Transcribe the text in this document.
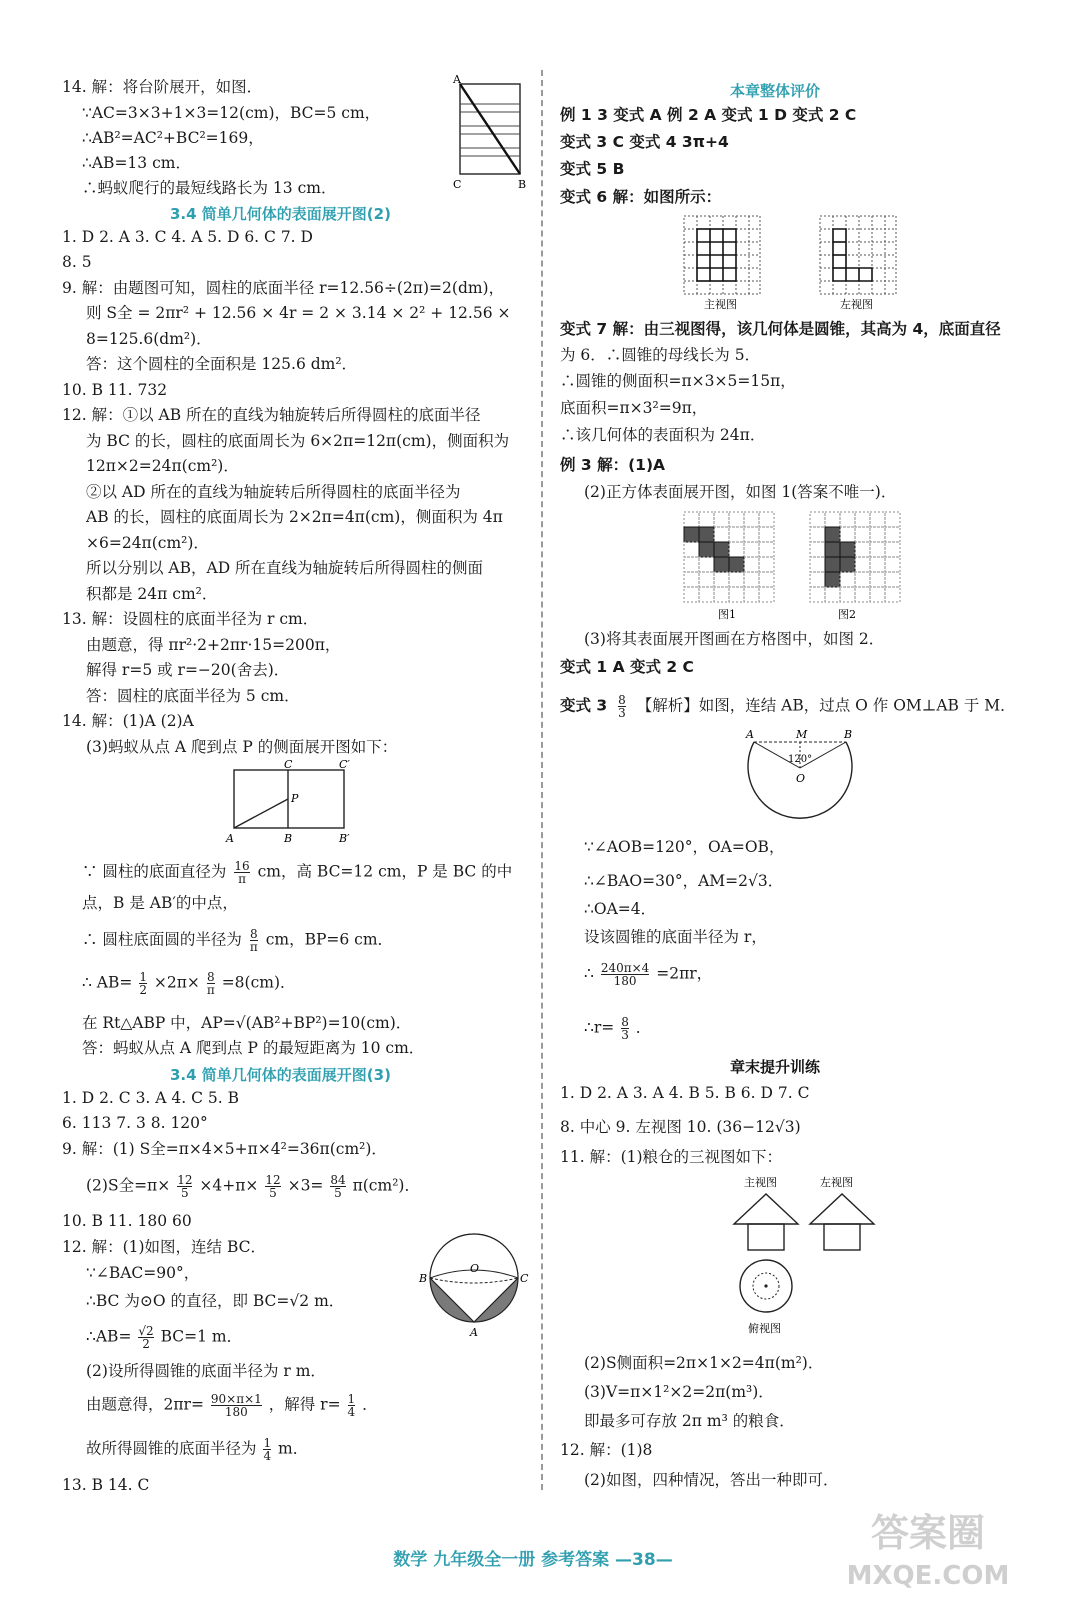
14. 解：将台阶展开，如图．
∵AC=3×3+1×3=12(cm)，BC=5 cm，
∴AB²=AC²+BC²=169，
∴AB=13 cm．
∴蚂蚁爬行的最短线路长为 13 cm．
A
C	B
3.4 简单几何体的表面展开图(2)
1. D 2. A 3. C 4. A 5. D 6. C 7. D
8. 5
9. 解：由题图可知，圆柱的底面半径 r=12.56÷(2π)=2(dm)，
则 S全 = 2πr² + 12.56 × 4r = 2 × 3.14 × 2² + 12.56 ×
8=125.6(dm²)．
答：这个圆柱的全面积是 125.6 dm²．
10. B 11. 732
12. 解：①以 AB 所在的直线为轴旋转后所得圆柱的底面半径
为 BC 的长，圆柱的底面周长为 6×2π=12π(cm)，侧面积为
12π×2=24π(cm²)．
②以 AD 所在的直线为轴旋转后所得圆柱的底面半径为
AB 的长，圆柱的底面周长为 2×2π=4π(cm)，侧面积为 4π
×6=24π(cm²)．
所以分别以 AB，AD 所在直线为轴旋转后所得圆柱的侧面
积都是 24π cm²．
13. 解：设圆柱的底面半径为 r cm．
由题意，得 πr²·2+2πr·15=200π，
解得 r=5 或 r=−20(舍去)．
答：圆柱的底面半径为 5 cm．
14. 解：(1)A (2)A
(3)蚂蚁从点 A 爬到点 P 的侧面展开图如下：
A	B	B′
C	C′
P
∵ 圆柱的底面直径为 $\frac{16}{\pi}$ cm，高 BC=12 cm，P 是 BC 的中
点，B 是 AB′的中点，
∴ 圆柱底面圆的半径为 $\frac{8}{\pi}$ cm，BP=6 cm．
∴ $AB= \frac{1}{2} \times 2\pi\times \frac{8}{\pi} =8(cm)$．
在 Rt△ABP 中，AP=√(AB²+BP²)=10(cm)．
答：蚂蚁从点 A 爬到点 P 的最短距离为 10 cm．
3.4 简单几何体的表面展开图(3)
1. D 2. C 3. A 4. C 5. B
6. 113 7. 3 8. 120°
9. 解：(1) S全=π×4×5+π×4²=36π(cm²)．
(2)S全$=\pi\times \frac{12}{5} \times 4+\pi\times \frac{12}{5} \times 3= \frac{84}{5} \pi(cm^2)$．
10. B 11. 180 60
12. 解：(1)如图，连结 BC．
∵∠BAC=90°，
∴BC 为⊙O 的直径，即 BC=√2 m．
∴AB= $\frac{√2}{2} BC=1$ m．
(2)设所得圆锥的底面半径为 r m．
由题意得，$2\pi r= \frac{90\times\pi\times 1}{180}$ ，解得 $r= \frac{1}{4}$ ．
故所得圆锥的底面半径为 $\frac{1}{4}$ m．
13. B 14. C
O
B	C
A
本章整体评价
例 1 3 变式 A 例 2 A 变式 1 D 变式 2 C
变式 3 C 变式 4 3π+4
变式 5 B
变式 6 解：如图所示：
主视图	左视图
变式 7 解：由三视图得，该几何体是圆锥，其高为 4，底面直径
为 6．∴圆锥的母线长为 5．
∴圆锥的侧面积=π×3×5=15π，
底面积=π×3²=9π，
∴该几何体的表面积为 24π．
例 3 解：(1)A
(2)正方体表面展开图，如图 1(答案不唯一)．
图1	图2
(3)将其表面展开图画在方格图中，如图 2．
变式 1 A 变式 2 C
变式 $3 \frac{8}{3}$ 【解析】如图，连结 AB，过点 O 作 OM⊥AB 于 M．
A	M	B
120°
O
∵∠AOB=120°，OA=OB，
∴∠BAO=30°，AM=2√3．
∴OA=4．
设该圆锥的底面半径为 r，
∴ $\frac{240\pi\times 4}{180} =2\pi r$，
∴r= $\frac{8}{3}$ ．
章末提升训练
1. D 2. A 3. A 4. B 5. B 6. D 7. C
8. 中心 9. 左视图 10. (36−12√3)
11. 解：(1)粮仓的三视图如下：
主视图	左视图
俯视图
(2)S侧面积=2π×1×2=4π(m²)．
(3)V=π×1²×2=2π(m³)．
即最多可存放 2π m³ 的粮食．
12. 解：(1)8
(2)如图，四种情况，答出一种即可．
答案圈
MXQE.COM
数学 九年级全一册 参考答案 —38—
